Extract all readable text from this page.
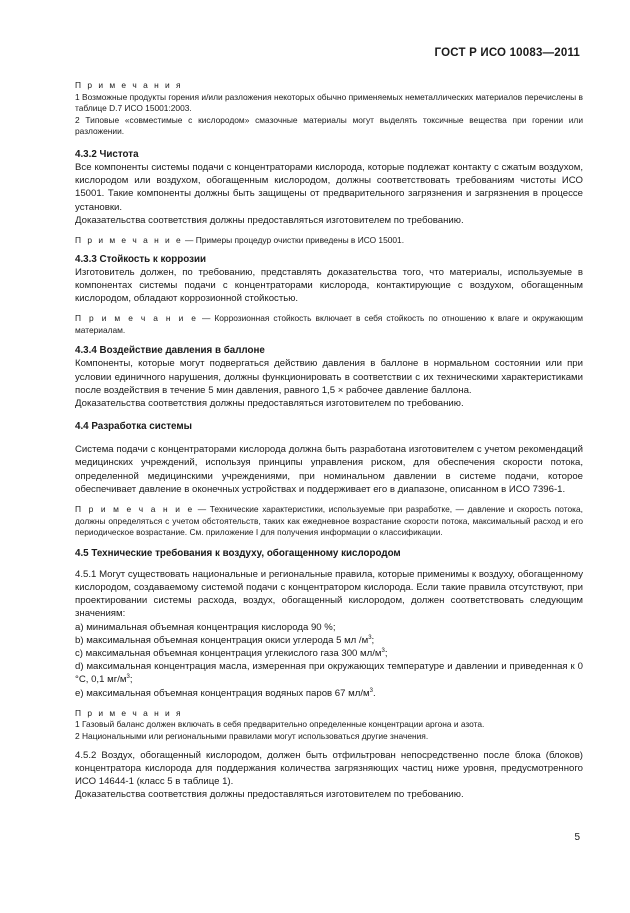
ГОСТ Р ИСО 10083—2011

П р и м е ч а н и я

1 Возможные продукты горения и/или разложения некоторых обычно применяемых неметаллических материалов перечислены в таблице D.7 ИСО 15001:2003.

2 Типовые «совместимые с кислородом» смазочные материалы могут выделять токсичные вещества при горении или разложении.

4.3.2 Чистота

Все компоненты системы подачи с концентраторами кислорода, которые подлежат контакту с сжатым воздухом, кислородом или воздухом, обогащенным кислородом, должны соответствовать требованиям чистоты ИСО 15001. Такие компоненты должны быть защищены от предварительного загрязнения и загрязнения в процессе установки.

Доказательства соответствия должны предоставляться изготовителем по требованию.

П р и м е ч а н и е — Примеры процедур очистки приведены в ИСО 15001.

4.3.3 Стойкость к коррозии

Изготовитель должен, по требованию, представлять доказательства того, что материалы, используемые в компонентах системы подачи с концентраторами кислорода, контактирующие с воздухом, обогащенным кислородом, обладают коррозионной стойкостью.

П р и м е ч а н и е — Коррозионная стойкость включает в себя стойкость по отношению к влаге и окружающим материалам.

4.3.4 Воздействие давления в баллоне

Компоненты, которые могут подвергаться действию давления в баллоне в нормальном состоянии или при условии единичного нарушения, должны функционировать в соответствии с их техническими характеристиками после воздействия в течение 5 мин давления, равного 1,5 × рабочее давление баллона.

Доказательства соответствия должны предоставляться изготовителем по требованию.

4.4 Разработка системы

Система подачи с концентраторами кислорода должна быть разработана изготовителем с учетом рекомендаций медицинских учреждений, используя принципы управления риском, для обеспечения скорости потока, определенной медицинскими учреждениями, при номинальном давлении в системе подачи, которое обеспечивает давление в оконечных устройствах и поддерживает его в диапазоне, описанном в ИСО 7396-1.

П р и м е ч а н и е — Технические характеристики, используемые при разработке, — давление и скорость потока, должны определяться с учетом обстоятельств, таких как ежедневное возрастание скорости потока, максимальный расход и его периодическое возрастание. См. приложение I для получения информации о классификации.

4.5 Технические требования к воздуху, обогащенному кислородом

4.5.1 Могут существовать национальные и региональные правила, которые применимы к воздуху, обогащенному кислородом, создаваемому системой подачи с концентратором кислорода. Если такие правила отсутствуют, при проектировании системы расхода, воздух, обогащенный кислородом, должен соответствовать следующим значениям:

а) минимальная объемная концентрация кислорода 90 %;

b) максимальная объемная концентрация окиси углерода 5 мл $/м^3$;

с) максимальная объемная концентрация углекислого газа 300 $мл/м^3$;

d) максимальная концентрация масла, измеренная при окружающих температуре и давлении и приведенная к 0 °С, 0,1 $мг/м^3$;

е) максимальная объемная концентрация водяных паров 67 $мл/м^3$.

П р и м е ч а н и я

1 Газовый баланс должен включать в себя предварительно определенные концентрации аргона и азота.

2 Национальными или региональными правилами могут использоваться другие значения.

4.5.2 Воздух, обогащенный кислородом, должен быть отфильтрован непосредственно после блока (блоков) концентратора кислорода для поддержания количества загрязняющих частиц ниже уровня, предусмотренного ИСО 14644-1 (класс 5 в таблице 1).

Доказательства соответствия должны предоставляться изготовителем по требованию.

5
